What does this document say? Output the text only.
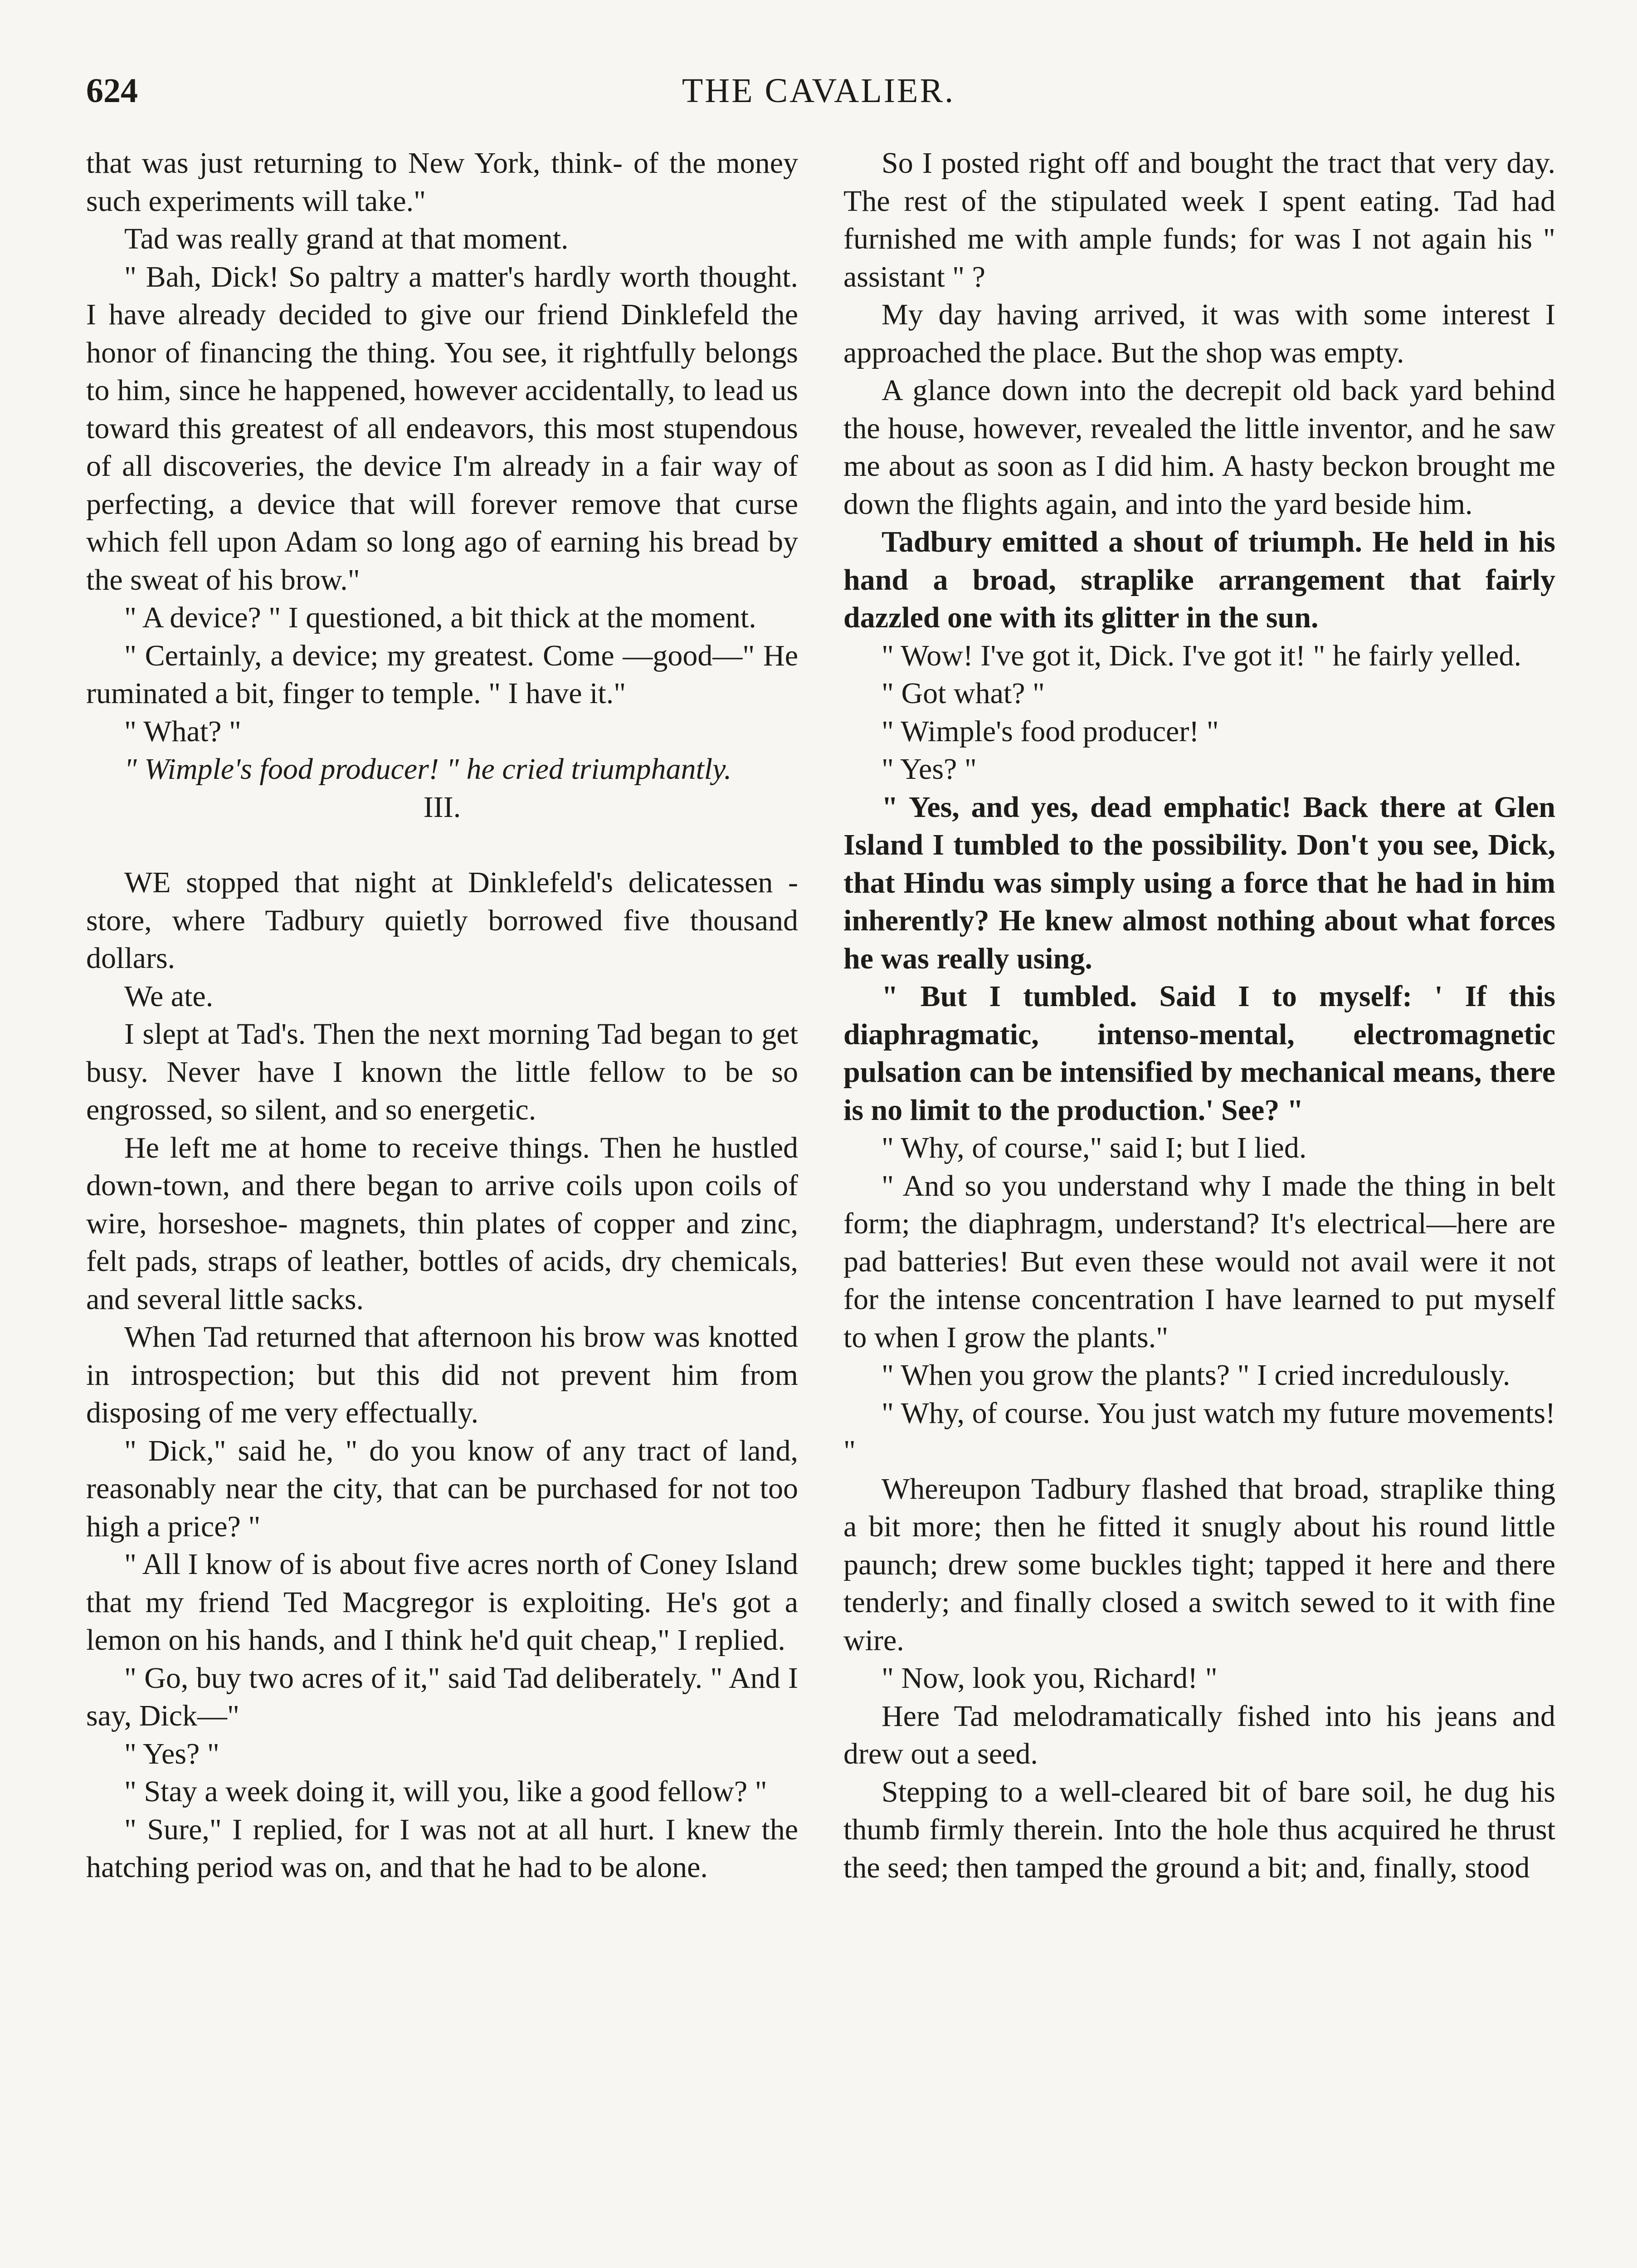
624	THE CAVALIER.

that was just returning to New York, think- of the money such experiments will take."

Tad was really grand at that moment.

" Bah, Dick! So paltry a matter's hardly worth thought. I have already decided to give our friend Dinklefeld the honor of financing the thing. You see, it rightfully belongs to him, since he happened, however accidentally, to lead us toward this greatest of all endeavors, this most stupendous of all discoveries, the device I'm already in a fair way of perfecting, a device that will forever remove that curse which fell upon Adam so long ago of earning his bread by the sweat of his brow."

" A device? " I questioned, a bit thick at the moment.

" Certainly, a device; my greatest. Come —good—" He ruminated a bit, finger to temple. " I have it."

" What? "

" Wimple's food producer! " he cried triumphantly.

III.

WE stopped that night at Dinklefeld's delicatessen - store, where Tadbury quietly borrowed five thousand dollars.

We ate.

I slept at Tad's. Then the next morning Tad began to get busy. Never have I known the little fellow to be so engrossed, so silent, and so energetic.

He left me at home to receive things. Then he hustled down-town, and there began to arrive coils upon coils of wire, horseshoe- magnets, thin plates of copper and zinc, felt pads, straps of leather, bottles of acids, dry chemicals, and several little sacks.

When Tad returned that afternoon his brow was knotted in introspection; but this did not prevent him from disposing of me very effectually.

" Dick," said he, " do you know of any tract of land, reasonably near the city, that can be purchased for not too high a price? "

" All I know of is about five acres north of Coney Island that my friend Ted Macgregor is exploiting. He's got a lemon on his hands, and I think he'd quit cheap," I replied.

" Go, buy two acres of it," said Tad deliberately. " And I say, Dick—"

" Yes? "

" Stay a week doing it, will you, like a good fellow? "

" Sure," I replied, for I was not at all hurt. I knew the hatching period was on, and that he had to be alone.

So I posted right off and bought the tract that very day. The rest of the stipulated week I spent eating. Tad had furnished me with ample funds; for was I not again his " assistant " ?

My day having arrived, it was with some interest I approached the place. But the shop was empty.

A glance down into the decrepit old back yard behind the house, however, revealed the little inventor, and he saw me about as soon as I did him. A hasty beckon brought me down the flights again, and into the yard beside him.

Tadbury emitted a shout of triumph. He held in his hand a broad, straplike arrangement that fairly dazzled one with its glitter in the sun.

" Wow! I've got it, Dick. I've got it! " he fairly yelled.

" Got what? "

" Wimple's food producer! "

" Yes? "

" Yes, and yes, dead emphatic! Back there at Glen Island I tumbled to the possibility. Don't you see, Dick, that Hindu was simply using a force that he had in him inherently? He knew almost nothing about what forces he was really using.

" But I tumbled. Said I to myself: ' If this diaphragmatic, intenso-mental, electromagnetic pulsation can be intensified by mechanical means, there is no limit to the production.' See? "

" Why, of course," said I; but I lied.

" And so you understand why I made the thing in belt form; the diaphragm, understand? It's electrical—here are pad batteries! But even these would not avail were it not for the intense concentration I have learned to put myself to when I grow the plants."

" When you grow the plants? " I cried incredulously.

" Why, of course. You just watch my future movements! "

Whereupon Tadbury flashed that broad, straplike thing a bit more; then he fitted it snugly about his round little paunch; drew some buckles tight; tapped it here and there tenderly; and finally closed a switch sewed to it with fine wire.

" Now, look you, Richard! "

Here Tad melodramatically fished into his jeans and drew out a seed.

Stepping to a well-cleared bit of bare soil, he dug his thumb firmly therein. Into the hole thus acquired he thrust the seed; then tamped the ground a bit; and, finally, stood
